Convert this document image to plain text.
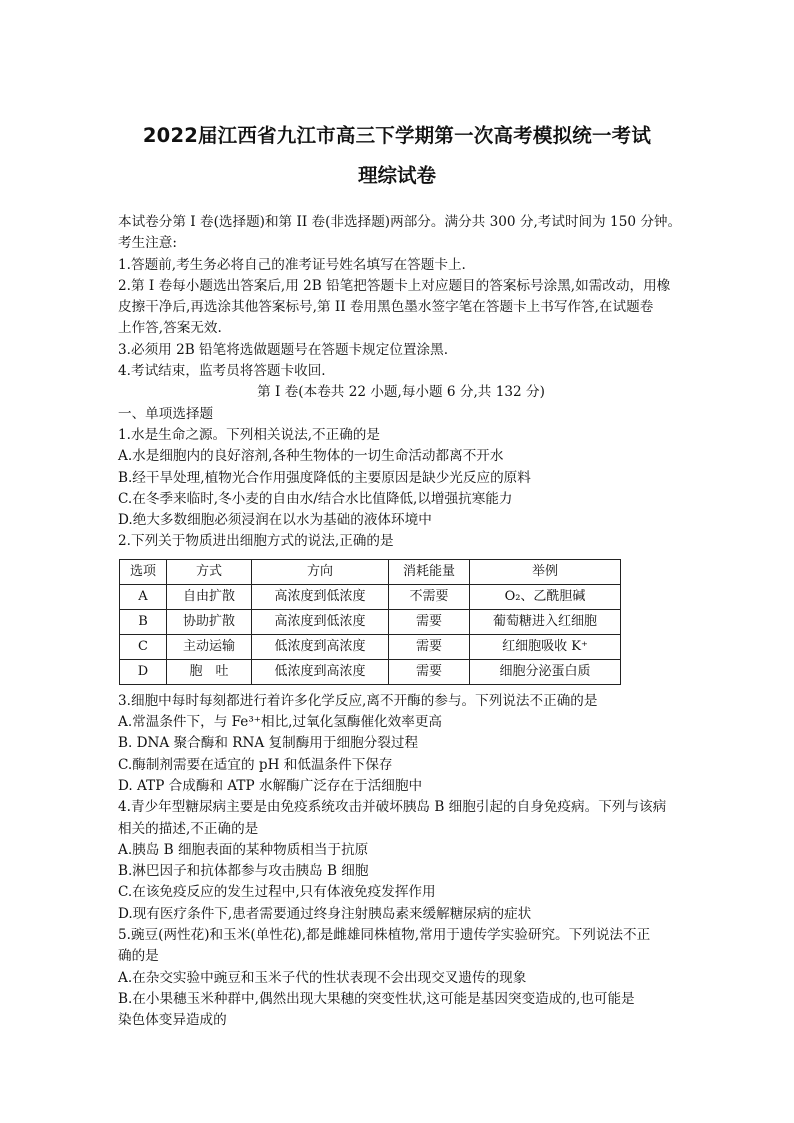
2022届江西省九江市高三下学期第一次高考模拟统一考试
理综试卷
本试卷分第 I 卷(选择题)和第 II 卷(非选择题)两部分。满分共 300 分,考试时间为 150 分钟。
考生注意:
1.答题前,考生务必将自己的准考证号姓名填写在答题卡上.
2.第 I 卷每小题选出答案后,用 2B 铅笔把答题卡上对应题目的答案标号涂黑,如需改动，用橡
皮擦干净后,再选涂其他答案标号,第 II 卷用黑色墨水签字笔在答题卡上书写作答,在试题卷
上作答,答案无效.
3.必须用 2B 铅笔将选做题题号在答题卡规定位置涂黑.
4.考试结束，监考员将答题卡收回.
第 I 卷(本卷共 22 小题,每小题 6 分,共 132 分)
一、单项选择题
1.水是生命之源。下列相关说法,不正确的是
A.水是细胞内的良好溶剂,各种生物体的一切生命活动都离不开水
B.经干旱处理,植物光合作用强度降低的主要原因是缺少光反应的原料
C.在冬季来临时,冬小麦的自由水/结合水比值降低,以增强抗寒能力
D.绝大多数细胞必须浸润在以水为基础的液体环境中
2.下列关于物质进出细胞方式的说法,正确的是
选项	方式	方向	消耗能量	举例
A	自由扩散	高浓度到低浓度	不需要	O₂、乙酰胆碱
B	协助扩散	高浓度到低浓度	需要	葡萄糖进入红细胞
C	主动运输	低浓度到高浓度	需要	红细胞吸收 K⁺
D	胞　吐	低浓度到高浓度	需要	细胞分泌蛋白质
3.细胞中每时每刻都进行着许多化学反应,离不开酶的参与。下列说法不正确的是
A.常温条件下，与 Fe³⁺相比,过氧化氢酶催化效率更高
B. DNA 聚合酶和 RNA 复制酶用于细胞分裂过程
C.酶制剂需要在适宜的 pH 和低温条件下保存
D. ATP 合成酶和 ATP 水解酶广泛存在于活细胞中
4.青少年型糖尿病主要是由免疫系统攻击并破坏胰岛 B 细胞引起的自身免疫病。下列与该病
相关的描述,不正确的是
A.胰岛 B 细胞表面的某种物质相当于抗原
B.淋巴因子和抗体都参与攻击胰岛 B 细胞
C.在该免疫反应的发生过程中,只有体液免疫发挥作用
D.现有医疗条件下,患者需要通过终身注射胰岛素来缓解糖尿病的症状
5.豌豆(两性花)和玉米(单性花),都是雌雄同株植物,常用于遗传学实验研究。下列说法不正
确的是
A.在杂交实验中豌豆和玉米子代的性状表现不会出现交叉遗传的现象
B.在小果穗玉米种群中,偶然出现大果穗的突变性状,这可能是基因突变造成的,也可能是
染色体变异造成的
